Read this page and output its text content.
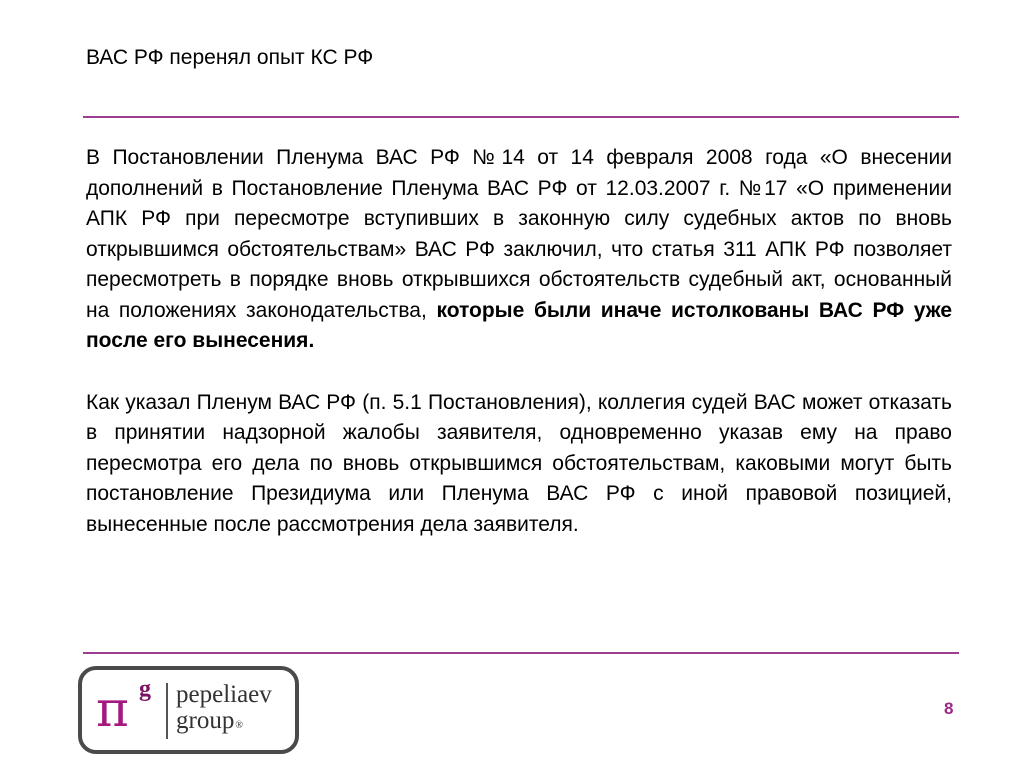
ВАС РФ перенял опыт КС РФ

В Постановлении Пленума ВАС РФ №14 от 14 февраля 2008 года «О внесении дополнений в Постановление Пленума ВАС РФ от 12.03.2007 г. №17 «О применении АПК РФ при пересмотре вступивших в законную силу судебных актов по вновь открывшимся обстоятельствам» ВАС РФ заключил, что статья 311 АПК РФ позволяет пересмотреть в порядке вновь открывшихся обстоятельств судебный акт, основанный на положениях законодательства, которые были иначе истолкованы ВАС РФ уже после его вынесения.

Как указал Пленум ВАС РФ (п. 5.1 Постановления), коллегия судей ВАС может отказать в принятии надзорной жалобы заявителя, одновременно указав ему на право пересмотра его дела по вновь открывшимся обстоятельствам, каковыми могут быть постановление Президиума или Пленума ВАС РФ с иной правовой позицией, вынесенные после рассмотрения дела заявителя.

π g pepeliaev
group®
8
